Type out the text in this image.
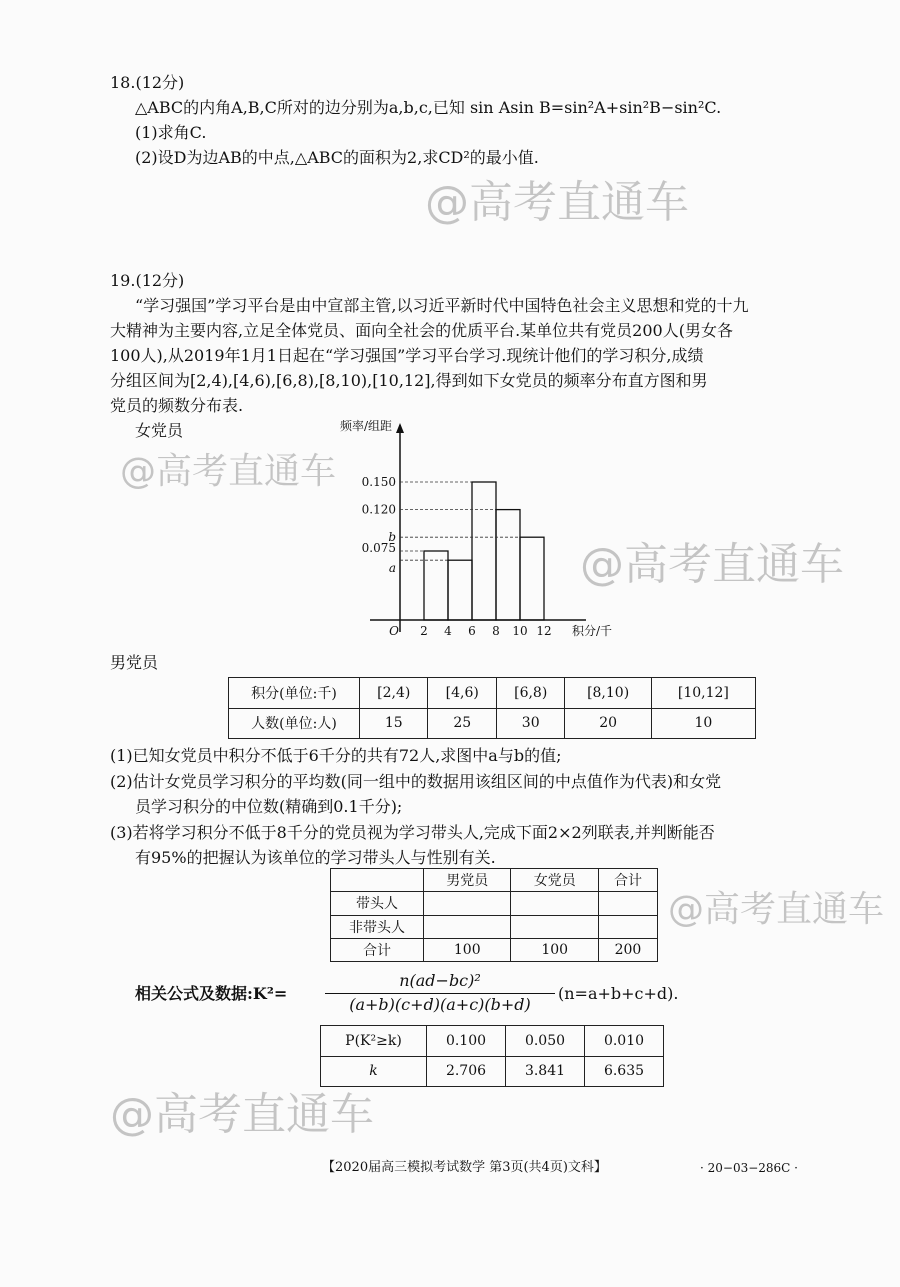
@高考直通车
@高考直通车
@高考直通车
@高考直通车
@高考直通车
18.(12分)
△ABC的内角A,B,C所对的边分别为a,b,c,已知 sin Asin B=sin²A+sin²B−sin²C.
(1)求角C.
(2)设D为边AB的中点,△ABC的面积为2,求CD²的最小值.
19.(12分)
“学习强国”学习平台是由中宣部主管,以习近平新时代中国特色社会主义思想和党的十九
大精神为主要内容,立足全体党员、面向全社会的优质平台.某单位共有党员200人(男女各
100人),从2019年1月1日起在“学习强国”学习平台学习.现统计他们的学习积分,成绩
分组区间为[2,4),[4,6),[6,8),[8,10),[10,12],得到如下女党员的频率分布直方图和男
党员的频数分布表.
女党员	频率/组距
积分/千
0.150
0.120
b
0.075
a
O 2 4 6 8 10 12
男党员
积分(单位:千)	[2,4)	[4,6)	[6,8)	[8,10)	[10,12]
人数(单位:人)	15	25	30	20	10
(1)已知女党员中积分不低于6千分的共有72人,求图中a与b的值;
(2)估计女党员学习积分的平均数(同一组中的数据用该组区间的中点值作为代表)和女党
员学习积分的中位数(精确到0.1千分);
(3)若将学习积分不低于8千分的党员视为学习带头人,完成下面2×2列联表,并判断能否
有95%的把握认为该单位的学习带头人与性别有关.
	男党员	女党员	合计
带头人			
非带头人			
合计	100	100	200
相关公式及数据:K²=
n(ad−bc)²
(a+b)(c+d)(a+c)(b+d)
(n=a+b+c+d).
P(K²≥k)	0.100	0.050	0.010
k	2.706	3.841	6.635
【2020届高三模拟考试数学 第3页(共4页)文科】	· 20−03−286C ·
